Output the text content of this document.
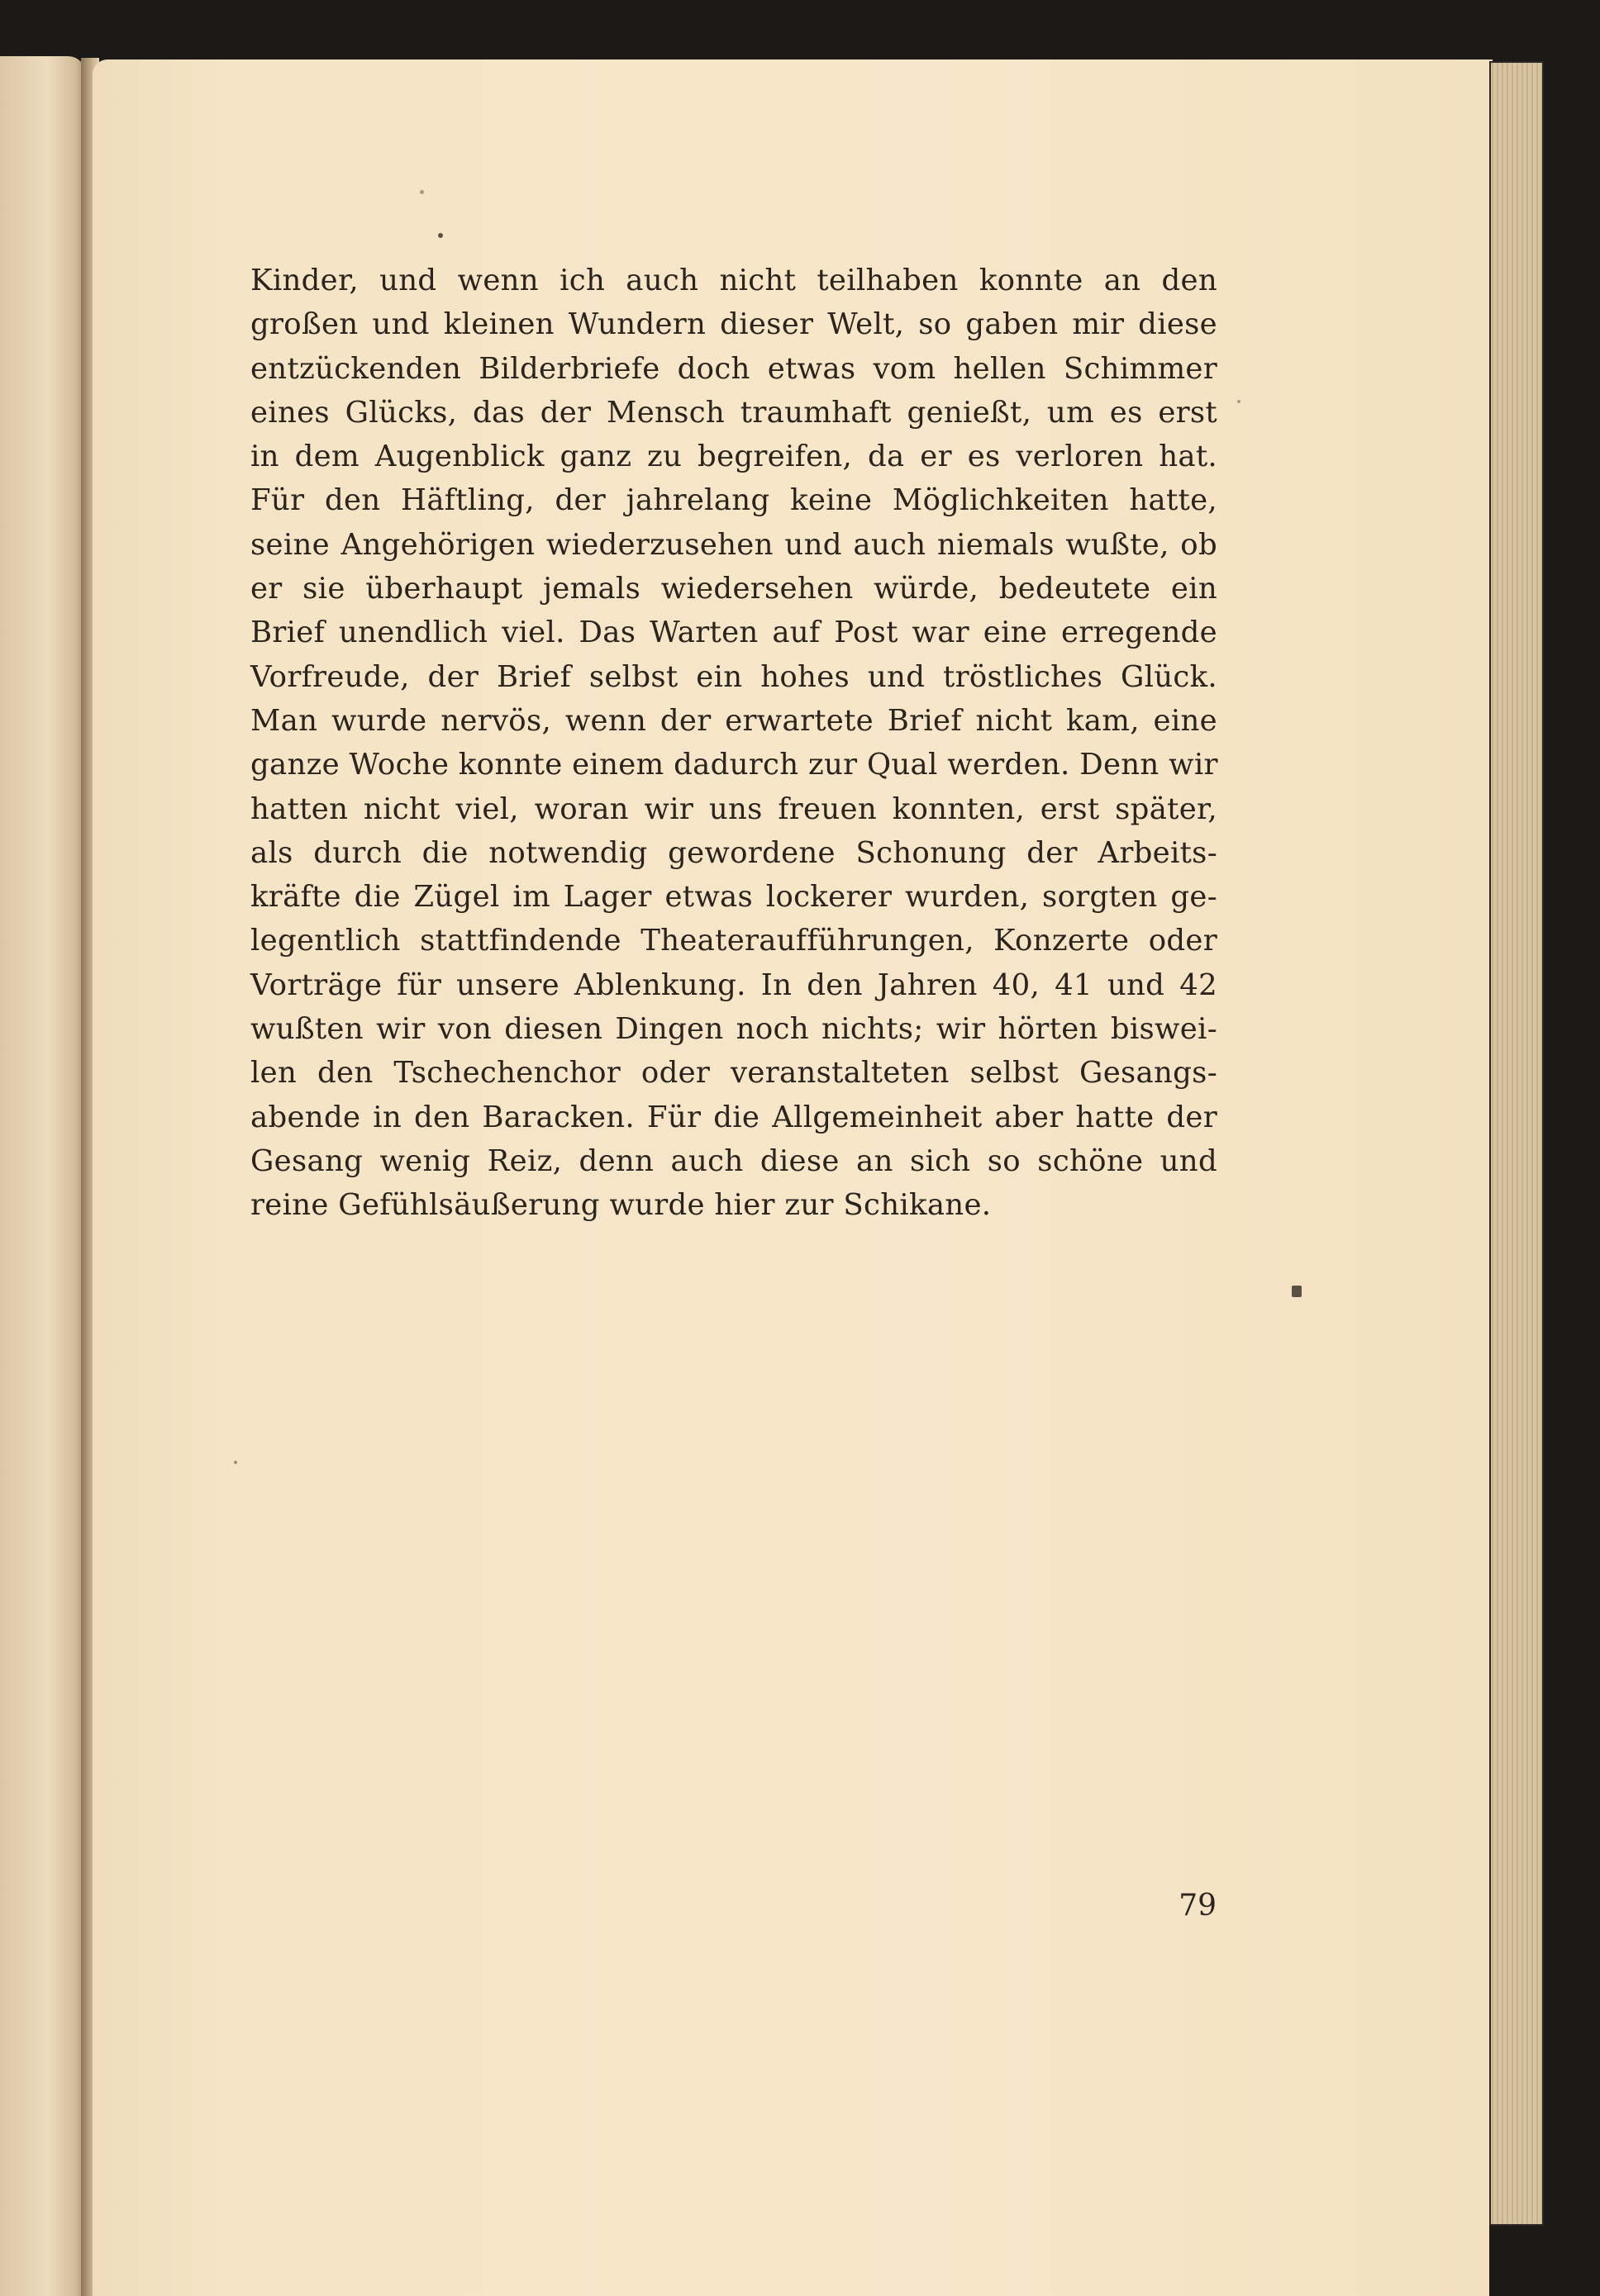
Kinder, und wenn ich auch nicht teilhaben konnte an den
großen und kleinen Wundern dieser Welt, so gaben mir diese
entzückenden Bilderbriefe doch etwas vom hellen Schimmer
eines Glücks, das der Mensch traumhaft genießt, um es erst
in dem Augenblick ganz zu begreifen, da er es verloren hat.
Für den Häftling, der jahrelang keine Möglichkeiten hatte,
seine Angehörigen wiederzusehen und auch niemals wußte, ob
er sie überhaupt jemals wiedersehen würde, bedeutete ein
Brief unendlich viel. Das Warten auf Post war eine erregende
Vorfreude, der Brief selbst ein hohes und tröstliches Glück.
Man wurde nervös, wenn der erwartete Brief nicht kam, eine
ganze Woche konnte einem dadurch zur Qual werden. Denn wir
hatten nicht viel, woran wir uns freuen konnten, erst später,
als durch die notwendig gewordene Schonung der Arbeits-
kräfte die Zügel im Lager etwas lockerer wurden, sorgten ge-
legentlich stattfindende Theateraufführungen, Konzerte oder
Vorträge für unsere Ablenkung. In den Jahren 40, 41 und 42
wußten wir von diesen Dingen noch nichts; wir hörten biswei-
len den Tschechenchor oder veranstalteten selbst Gesangs-
abende in den Baracken. Für die Allgemeinheit aber hatte der
Gesang wenig Reiz, denn auch diese an sich so schöne und
reine Gefühlsäußerung wurde hier zur Schikane.
79
